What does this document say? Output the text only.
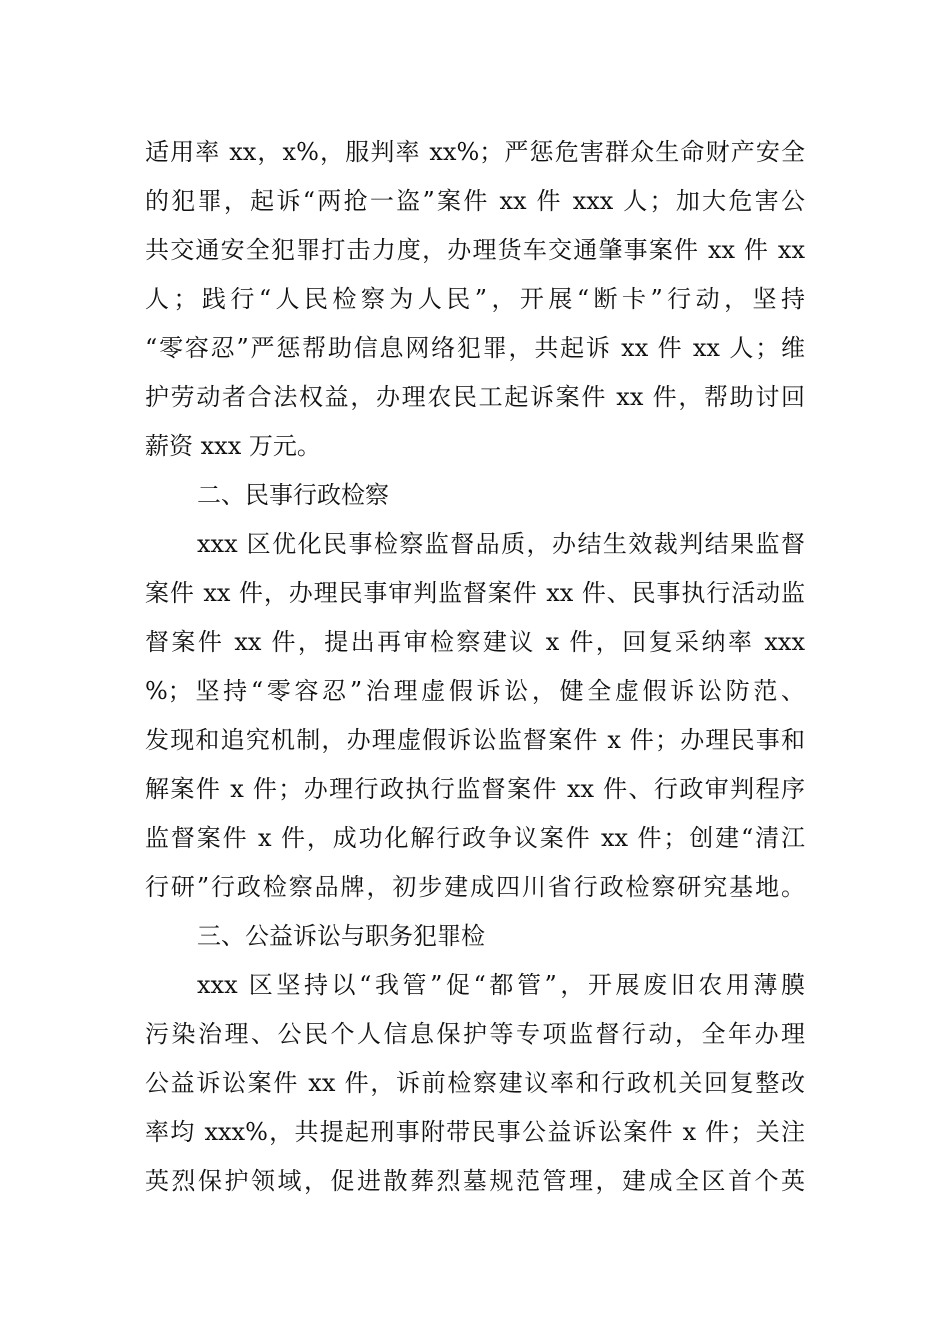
适用率 xx，x%，服判率 xx%；严惩危害群众生命财产安全
的犯罪，起诉“两抢一盗”案件 xx 件 xxx 人；加大危害公
共交通安全犯罪打击力度，办理货车交通肇事案件 xx 件 xx
人；践行“人民检察为人民”，开展“断卡”行动，坚持
“零容忍”严惩帮助信息网络犯罪，共起诉 xx 件 xx 人；维
护劳动者合法权益，办理农民工起诉案件 xx 件，帮助讨回
薪资 xxx 万元。
二、民事行政检察
xxx 区优化民事检察监督品质，办结生效裁判结果监督
案件 xx 件，办理民事审判监督案件 xx 件、民事执行活动监
督案件 xx 件，提出再审检察建议 x 件，回复采纳率 xxx
%；坚持“零容忍”治理虚假诉讼，健全虚假诉讼防范、
发现和追究机制，办理虚假诉讼监督案件 x 件；办理民事和
解案件 x 件；办理行政执行监督案件 xx 件、行政审判程序
监督案件 x 件，成功化解行政争议案件 xx 件；创建“清江
行研”行政检察品牌，初步建成四川省行政检察研究基地。
三、公益诉讼与职务犯罪检
xxx 区坚持以“我管”促“都管”，开展废旧农用薄膜
污染治理、公民个人信息保护等专项监督行动，全年办理
公益诉讼案件 xx 件，诉前检察建议率和行政机关回复整改
率均 xxx%，共提起刑事附带民事公益诉讼案件 x 件；关注
英烈保护领域，促进散葬烈墓规范管理，建成全区首个英
